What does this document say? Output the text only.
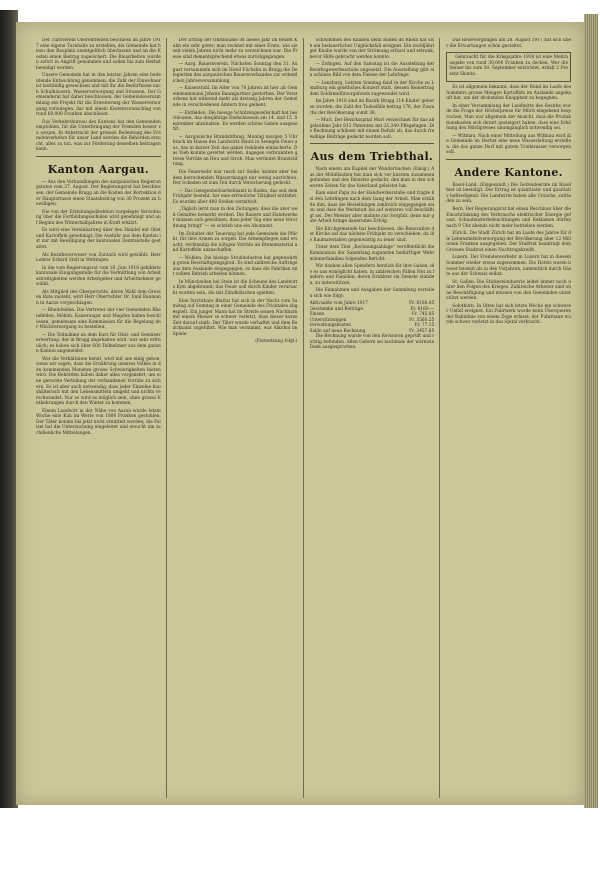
Der Turnverein Oberentfelden beschloss im Jahre 1917 eine eigene Turnhalle zu erstellen; die Gemeinde hat hiezu den Bauplatz unentgeltlich überlassen und an die Kosten einen Beitrag zugesichert. Die Bauarbeiten wurden sofort in Angriff genommen und sollen bis zum Herbst beendigt werden.

Unsere Gemeinde hat in den letzten Jahren eine bedeutende Entwicklung genommen; die Zahl der Einwohner ist beständig gewachsen und mit ihr die Bedürfnisse nach Schulhäusern, Wasserversorgung und Strassen. Der Gemeinderat hat daher beschlossen, der Gemeindeversammlung ein Projekt für die Erweiterung der Wasserversorgung vorzulegen, das mit einem Kostenvoranschlag von rund 60,000 Franken abschliesst.

Das Verkehrsbureau des Kantons hat den Gemeinden empfohlen, für die Unterbringung der Fremden besser zu sorgen. In Anbetracht der grossen Bedeutung des Fremdenverkehrs für unser Land werden die Behörden ersucht, alles zu tun, was zur Förderung desselben beitragen kann.

Kanton Aargau.

— Aus den Verhandlungen des aargauischen Regierungsrates vom 27. August. Der Regierungsrat hat beschlossen, der Gemeinde Brugg an die Kosten der Korrektion der Hauptstrasse einen Staatsbeitrag von 30 Prozent zu bewilligen.

Die von der Erziehungsdirektion vorgelegte Verordnung über die Fortbildungsschulen wird genehmigt und auf Beginn des Winterhalbjahres in Kraft erklärt.

Es wird eine Vereinbarung über den Handel mit Obst und Kartoffeln genehmigt. Die Ausfuhr aus dem Kanton ist nur mit Bewilligung der kantonalen Zentralstelle gestattet.

Als Bezirksverweser von Zurzach wird gewählt: Herr Lehrer Erhard Stoll in Wettingen.

In die vom Regierungsrat vom 10. Juni 1918 gebildete kantonale Einigungsstelle für die Vermittlung von Arbeitsstreitigkeiten werden Arbeitgeber und Arbeitnehmer gewählt.

Als Mitglied des Obergerichts, deren Wahl dem Grossen Rate zusteht, wird Herr Oberrichter Dr. Emil Baumann in Aarau vorgeschlagen.

— Rheinfelden. Die Vertreter der vier Gemeinden Rheinfelden, Möhlin, Kaiseraugst und Magden haben beschlossen, gemeinsam eine Kommission für die Regelung der Milchversorgung zu bestellen.

— Die Teilnahme an dem Kurs für Obst- und Gemüseverwertung, der in Brugg abgehalten wird, war sehr erfreulich; es haben sich über 600 Teilnehmer aus dem ganzen Kanton angemeldet.

Wer die Verhältnisse kennt, wird mit uns einig gehen, wenn wir sagen, dass die Ernährung unseres Volkes in den kommenden Monaten grosse Schwierigkeiten bieten wird. Die Behörden haben daher alles vorgekehrt, um eine gerechte Verteilung der vorhandenen Vorräte zu sichern. Es ist aber auch notwendig, dass jeder Einzelne haushälterisch mit den Lebensmitteln umgeht und nichts verschwendet. Nur so wird es möglich sein, ohne grosse Entbehrungen durch den Winter zu kommen.

Einem Landwirt in der Nähe von Aarau wurde letzte Woche eine Kuh im Werte von 1800 Franken gestohlen. Der Täter konnte bis jetzt nicht ermittelt werden; die Polizei hat die Untersuchung eingeleitet und ersucht um sachdienliche Mitteilungen.

Der Ertrag der Obstbäume ist dieses Jahr im Bezirk Kulm ein sehr guter; man rechnet mit einer Ernte, wie sie seit vielen Jahren nicht mehr zu verzeichnen war. Die Preise sind dementsprechend etwas zurückgegangen.

— Aarg. Bauernverein. Nächsten Sonntag den 31. August versammeln sich im Hotel Füchslin in Brugg die Delegierten des aargauischen Bauernverbandes zur ordentlichen Jahresversammlung.

— Kaiserstuhl. Im Alter von 78 Jahren ist hier alt Gemeindeammann Johann Baumgartner gestorben. Der Verstorbene hat während mehr als dreissig Jahren der Gemeinde in verschiedenen Ämtern treu gedient.

— Entfelden. Die hiesige Schützengesellschaft hat beschlossen, das diesjährige Endschiessen am 14. und 15. September abzuhalten. Es werden schöne Gaben ausgesetzt.

— Aargauische Brandstiftung. Montag morgen 5 Uhr brach im Hause des Landwirts Hauri in Seengen Feuer aus, das in kurzer Zeit das ganze Gebäude einäscherte. Das Vieh konnte gerettet werden, dagegen verbrannten grosse Vorräte an Heu und Stroh. Man vermutet Brandstiftung.

Die Feuerwehr war rasch zur Stelle, konnte aber bei dem herrschenden Wassermangel nur wenig ausrichten. Der Schaden ist zum Teil durch Versicherung gedeckt.

— Das Gelegenheitsarbeitsamt in Baden, das seit dem Frühjahr besteht, hat eine erfreuliche Tätigkeit entfaltet. Es wurden über 400 Stellen vermittelt.

„Täglich lernt man in den Zeitungen, dass die aber weit Gehaltes bemerkt werden. Die Bauern und Handwerker müssen sich gewöhnen, dass jeder Tag eine neue Verordnung bringt“ — so schrieb uns ein Abonnent.

Im Zeitalter der Teuerung hat jede Gemeinde die Pflicht, für ihre Armen zu sorgen. Die Armenpflegen sind ersucht, rechtzeitig die nötigen Vorräte an Brennmaterial und Kartoffeln anzuschaffen.

— Wohlen. Die hiesige Strohindustrie hat gegenwärtig guten Beschäftigungsgrad. Es sind zahlreiche Aufträge aus dem Auslande eingegangen, so dass die Fabriken mit vollem Betrieb arbeiten können.

In Münchwilen bei Stein ist die Scheune des Landwirts Kym abgebrannt; das Feuer soll durch Kinder verursacht worden sein, die mit Zündhölzchen spielten.

Eine furchtbare Bluttat hat sich in der Nacht vom Samstag auf Sonntag in einer Gemeinde des Fricktales abgespielt. Ein junger Mann hat im Streite seinen Nachbarn mit einem Messer so schwer verletzt, dass dieser kurze Zeit darauf starb. Der Täter wurde verhaftet und dem Bezirksamt zugeführt. Wie man vernimmt, war Alkohol im Spiele.

(Fortsetzung folgt.)

Schwimmen des Knaben beim Baden im Rhein hat sich ein bedauerlicher Unglücksfall ereignet. Ein zwölfjähriger Knabe wurde von der Strömung erfasst und ertrank, bevor Hilfe gebracht werden konnte.

— Zofingen. Auf den Samstag ist die Ausstellung der Bezirksgewerbeschule angesetzt. Die Ausstellung gibt ein schönes Bild von dem Fleisse der Lehrlinge.

— Lenzburg. Letzten Sonntag fand in der Kirche zu Lenzburg ein geistliches Konzert statt, dessen Reinertrag dem Soldatenfürsorgefonds zugewendet wird.

Im Jahre 1918 sind im Bezirk Brugg 214 Kinder geboren worden; die Zahl der Todesfälle betrug 176, der Zuwachs der Bevölkerung somit 38.

— Muri. Der Bezirksspital Muri verzeichnet für das abgelaufene Jahr 812 Patienten mit 21,340 Pflegetagen. Die Rechnung schliesst mit einem Defizit ab, das durch freiwillige Beiträge gedeckt werden soll.

Aus dem Triebthal.

Nach einem am Kapitel der Wanderbuchen (Einsg.) Aus der Mobilisation hat man sich vor kurzem zusammengefunden und des Dienstes gedacht, den man in den schweren Zeiten für das Vaterland geleistet hat.

Kam einst Papa zu der Handwerkerstube und fragte bei den Lehrlingen nach dem Gang der Arbeit. Man erzählte ihm, dass die Bestellungen zahlreich eingegangen seien und dass die Werkstatt bis auf weiteres voll beschäftigt sei. Der Meister aber mahnte zur Sorgfalt, denn nur gute Arbeit bringe dauernden Erfolg.

Die Kirchgemeinde hat beschlossen, die Renovation der Kirche auf das nächste Frühjahr zu verschieben, da die Baumaterialien gegenwärtig zu teuer sind.

Unter dem Titel „Rechnungsablage“ veröffentlicht die Kommission der Sammlung zugunsten bedürftiger Wehrmännerfamilien folgenden Bericht:

Wir danken allen Spendern herzlich für ihre Gaben, die es uns ermöglicht haben, in zahlreichen Fällen Not zu lindern und Familien, deren Ernährer im Dienste standen, zu unterstützen.

Die Einnahmen und Ausgaben der Sammlung verteilen sich wie folgt:

Aktivsaldo vom Jahre 1917	Fr. 6186.05
Geschenke und Beiträge	Fr. 8160.—
Zinsen	Fr. 745.05
Unterstützungen	Fr. 3560.25
Verwaltungskosten	Fr. 77.15
Saldo auf neue Rechnung	Fr. 3457.65

Die Rechnung wurde von den Revisoren geprüft und richtig befunden. Allen Gebern sei nochmals der wärmste Dank ausgesprochen.

Das Reisevergnügen am 28. August 1917 hat sich über die Erwartungen schön gestaltet.

Gebraucht für die Kriegsjahre 1918 ist eine Mehrausgabe von rund 30,000 Franken zu decken. Wer die Steuer bis zum 30. September entrichtet, erhält 2 Prozent Skonto.

Es ist allgemein bekannt, dass der Bund im Laufe des Sommers grosse Mengen Kartoffeln im Auslande angekauft hat, um der drohenden Knappheit zu begegnen.

In einer Versammlung der Landwirte des Bezirks wurde die Frage der Höchstpreise für Milch eingehend besprochen. Man war allgemein der Ansicht, dass die Produktionskosten sich derart gesteigert haben, dass eine Erhöhung des Milchpreises unumgänglich notwendig sei.

— Wittnau. Nach einer Mitteilung aus Wittnau wird die Gemeinde im Herbst eine neue Wasserleitung erstellen, die das ganze Dorf mit gutem Trinkwasser versorgen soll.

Andere Kantone.

Basel-Land. (Eingesandt.) Die Getreideernte im Baselbiet ist beendigt. Der Ertrag ist quantitativ und qualitativ befriedigend. Die Landwirte haben alle Ursache, zufrieden zu sein.

Bern. Der Regierungsrat hat einen Beschluss über die Einschränkung des Verbrauchs elektrischer Energie gefasst. Schaufensterbeleuchtungen und Reklamen dürfen nach 9 Uhr abends nicht mehr betrieben werden.

Zürich. Die Stadt Zürich hat im Laufe des Jahres für die Lebensmittelversorgung der Bevölkerung über 12 Millionen Franken ausgegeben. Der Stadtrat beantragt dem Grossen Stadtrat einen Nachtragskredit.

Luzern. Der Fremdenverkehr in Luzern hat in diesem Sommer wieder etwas zugenommen. Die Hotels waren besser besetzt als in den Vorjahren, namentlich durch Gäste aus der Schweiz selbst.

St. Gallen. Die Stickereiindustrie leidet immer noch unter den Folgen des Krieges. Zahlreiche Arbeiter sind ohne Beschäftigung und müssen von den Gemeinden unterstützt werden.

Solothurn. In Olten hat sich letzte Woche ein schwerer Unfall ereignet. Ein Fuhrwerk wurde beim Überqueren der Bahnlinie von einem Zuge erfasst; der Fuhrmann wurde schwer verletzt in das Spital verbracht.
